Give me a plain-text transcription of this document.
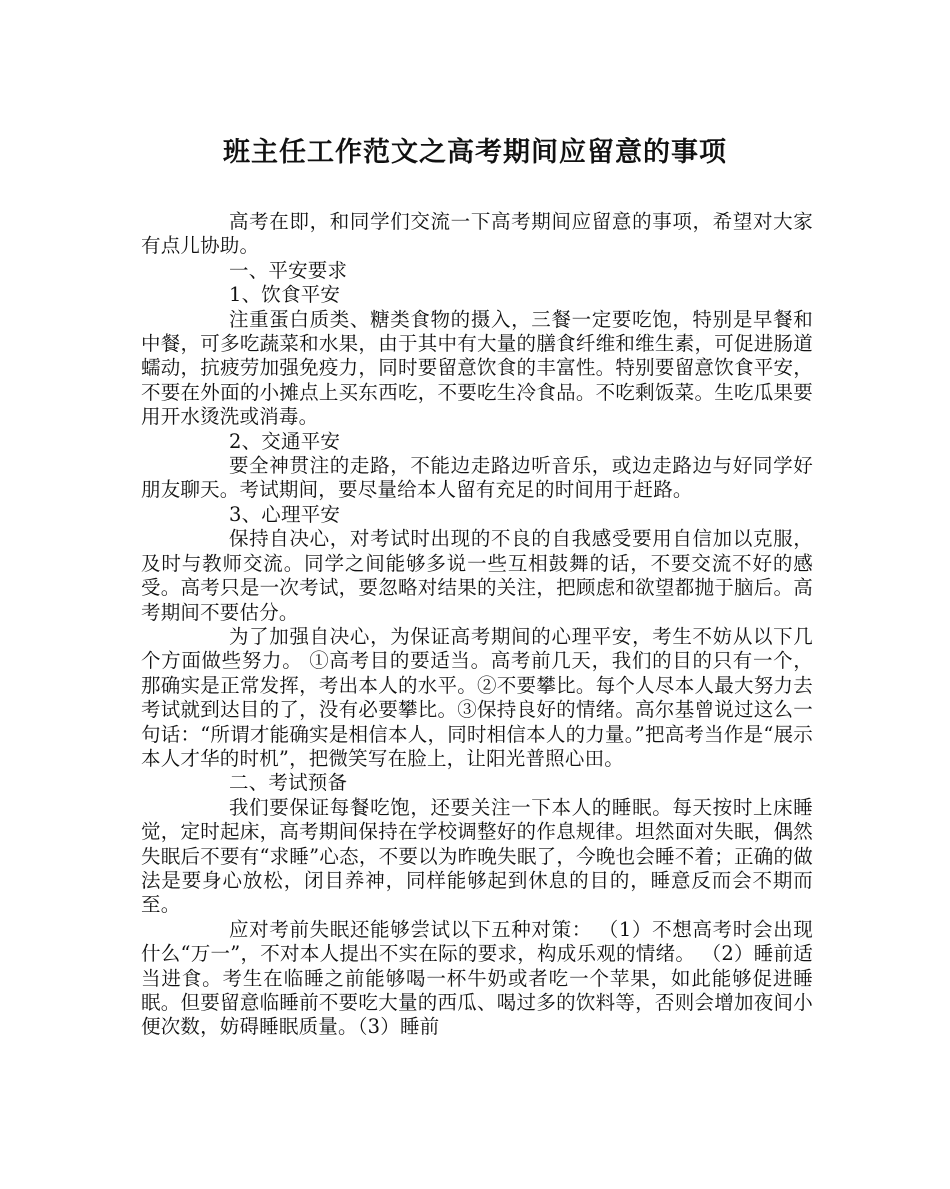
班主任工作范文之高考期间应留意的事项

高考在即，和同学们交流一下高考期间应留意的事项，希望对大家有点儿协助。

一、平安要求

1、饮食平安

注重蛋白质类、糖类食物的摄入，三餐一定要吃饱，特别是早餐和中餐，可多吃蔬菜和水果，由于其中有大量的膳食纤维和维生素，可促进肠道蠕动，抗疲劳加强免疫力，同时要留意饮食的丰富性。特别要留意饮食平安，不要在外面的小摊点上买东西吃，不要吃生冷食品。不吃剩饭菜。生吃瓜果要用开水烫洗或消毒。

2、交通平安

要全神贯注的走路，不能边走路边听音乐，或边走路边与好同学好朋友聊天。考试期间，要尽量给本人留有充足的时间用于赶路。

3、心理平安

保持自决心，对考试时出现的不良的自我感受要用自信加以克服，及时与教师交流。同学之间能够多说一些互相鼓舞的话，不要交流不好的感受。高考只是一次考试，要忽略对结果的关注，把顾虑和欲望都抛于脑后。高考期间不要估分。

为了加强自决心，为保证高考期间的心理平安，考生不妨从以下几个方面做些努力。 ①高考目的要适当。高考前几天，我们的目的只有一个，那确实是正常发挥，考出本人的水平。②不要攀比。每个人尽本人最大努力去考试就到达目的了，没有必要攀比。③保持良好的情绪。高尔基曾说过这么一句话：“所谓才能确实是相信本人，同时相信本人的力量。”把高考当作是“展示本人才华的时机”，把微笑写在脸上，让阳光普照心田。

二、考试预备

我们要保证每餐吃饱，还要关注一下本人的睡眠。每天按时上床睡觉，定时起床，高考期间保持在学校调整好的作息规律。坦然面对失眠，偶然失眠后不要有“求睡”心态，不要以为昨晚失眠了，今晚也会睡不着；正确的做法是要身心放松，闭目养神，同样能够起到休息的目的，睡意反而会不期而至。

应对考前失眠还能够尝试以下五种对策： （1）不想高考时会出现什么“万一”，不对本人提出不实在际的要求，构成乐观的情绪。 （2）睡前适当进食。考生在临睡之前能够喝一杯牛奶或者吃一个苹果，如此能够促进睡眠。但要留意临睡前不要吃大量的西瓜、喝过多的饮料等，否则会增加夜间小便次数，妨碍睡眠质量。（3）睡前
